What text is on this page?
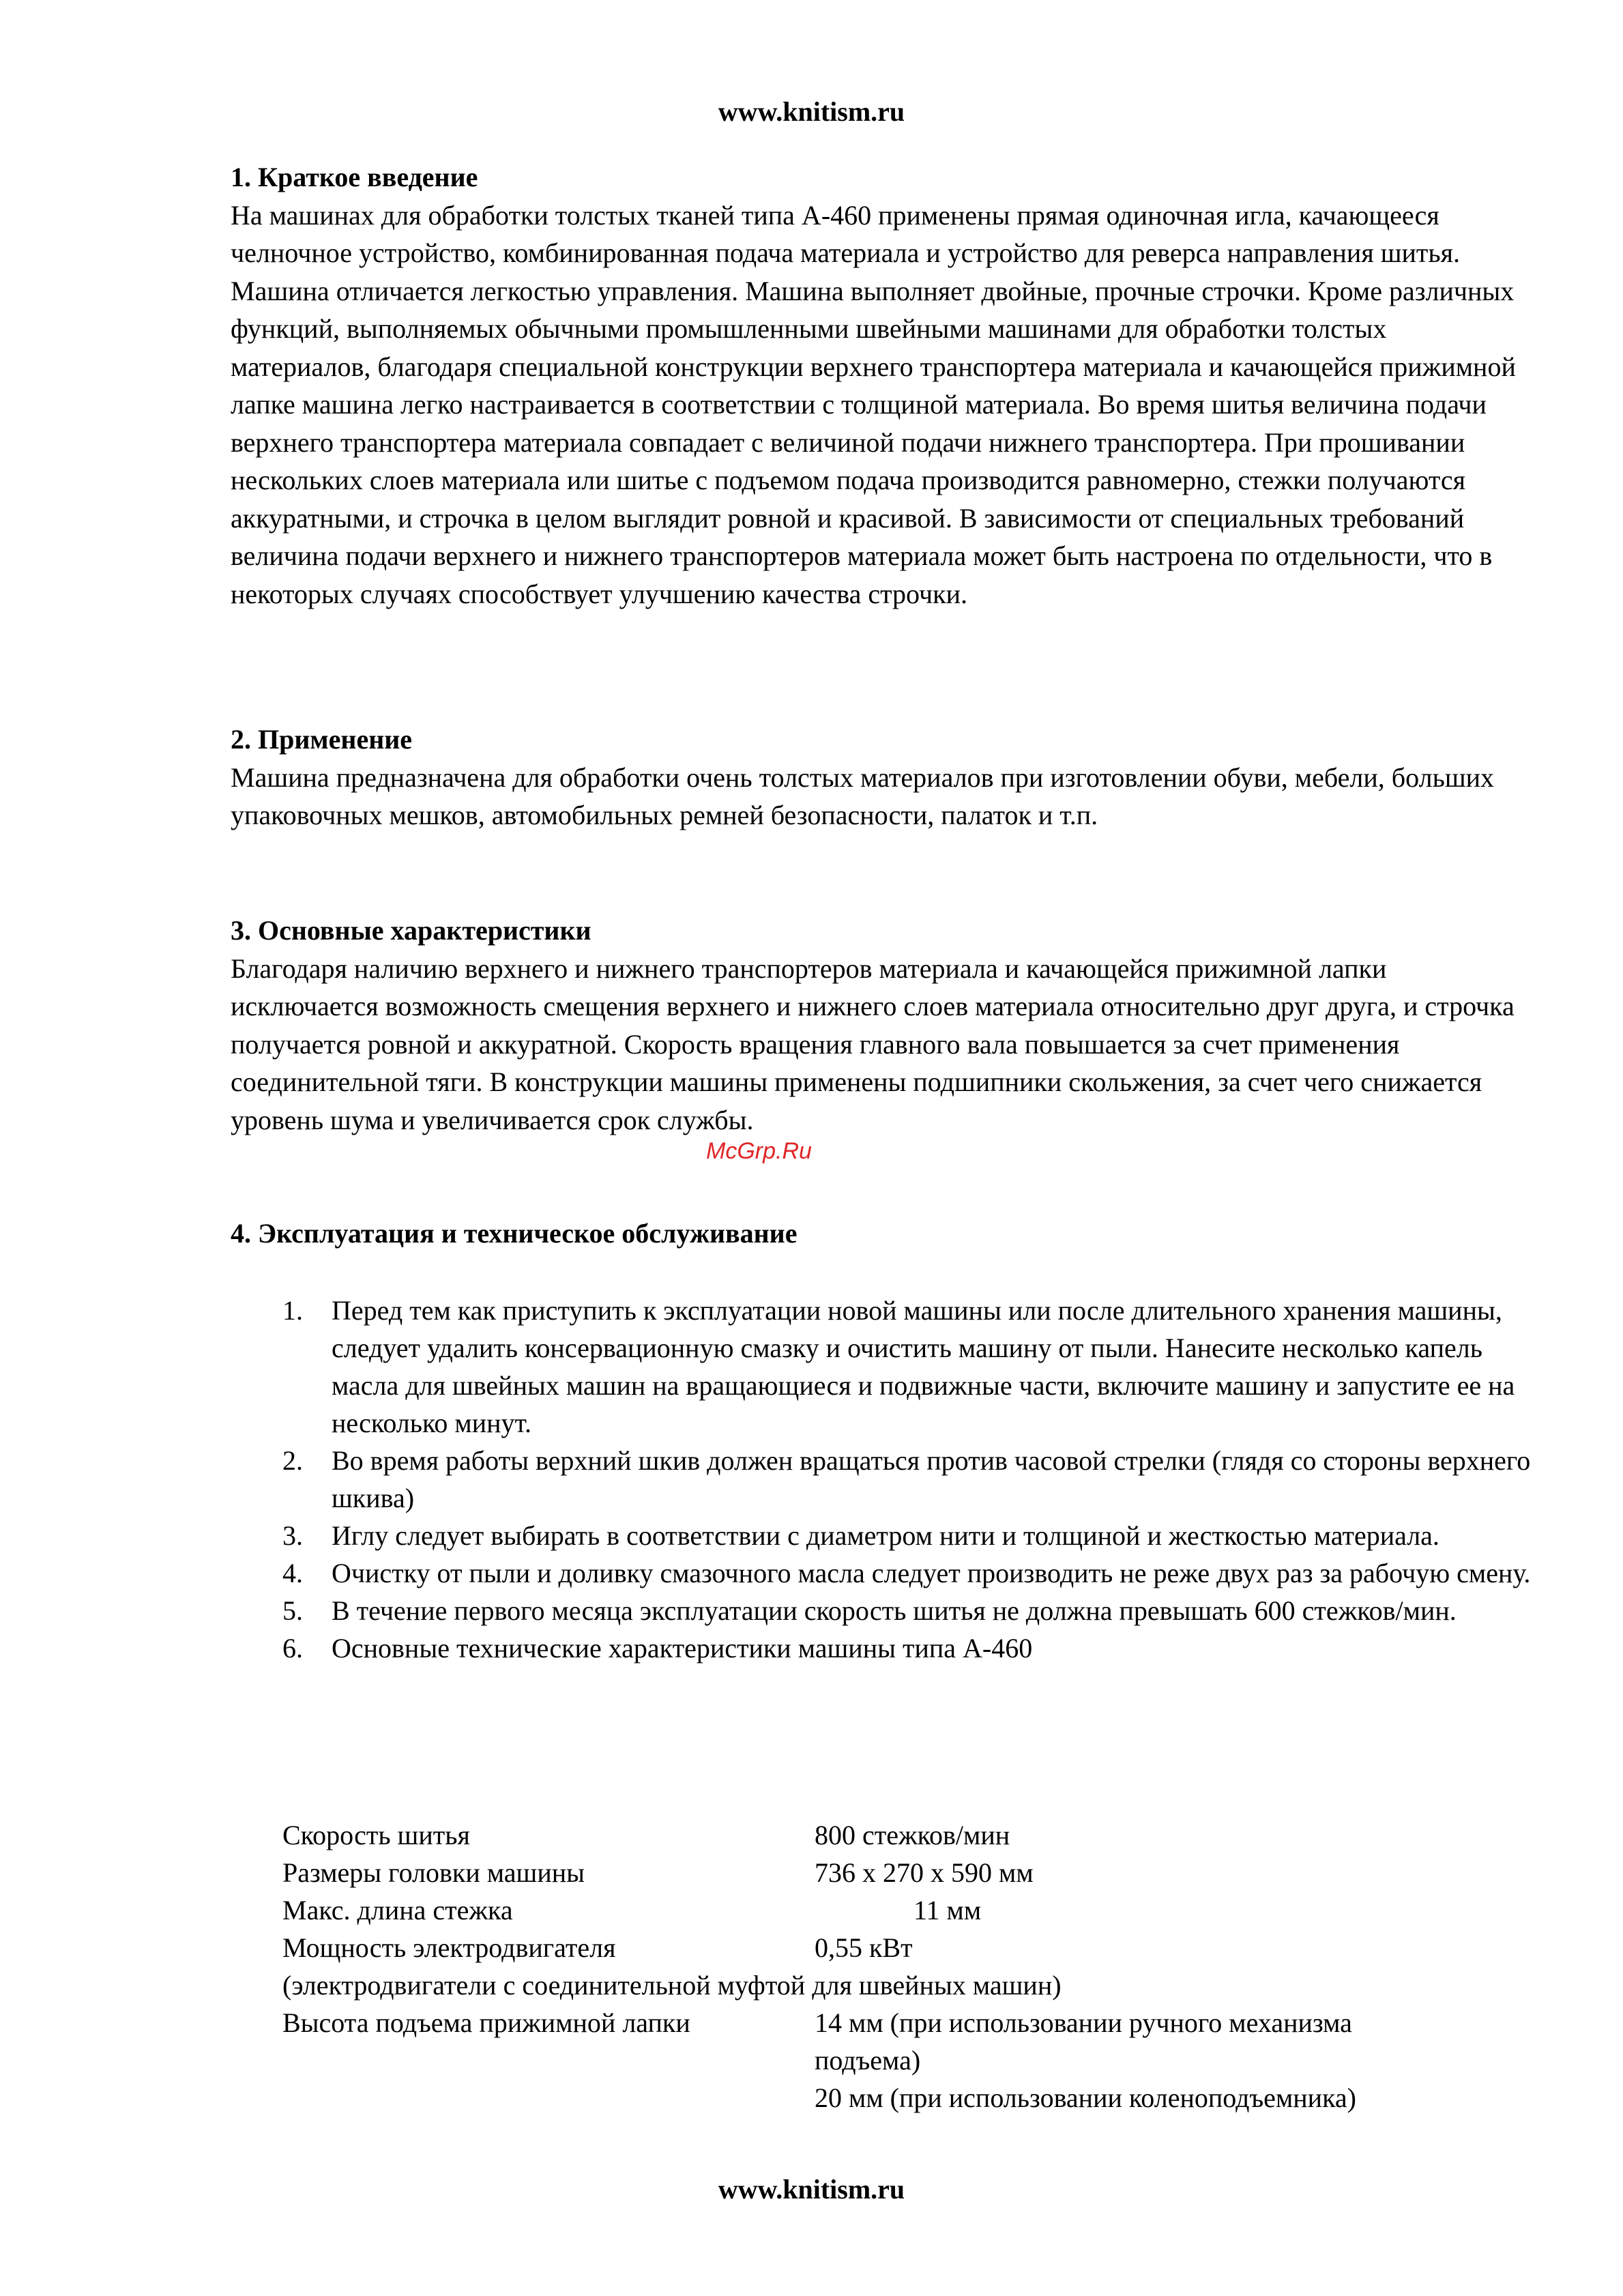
www.knitism.ru
1. Краткое введение

На машинах для обработки толстых тканей типа А-460 применены прямая одиночная игла, качающееся челночное устройство, комбинированная подача материала и устройство для реверса направления шитья. Машина отличается легкостью управления. Машина выполняет двойные, прочные строчки. Кроме различных функций, выполняемых обычными промышленными швейными машинами для обработки толстых материалов, благодаря специальной конструкции верхнего транспортера материала и качающейся прижимной лапке машина легко настраивается в соответствии с толщиной материала. Во время шитья величина подачи верхнего транспортера материала совпадает с величиной подачи нижнего транспортера. При прошивании нескольких слоев материала или шитье с подъемом подача производится равномерно, стежки получаются аккуратными, и строчка в целом выглядит ровной и красивой. В зависимости от специальных требований величина подачи верхнего и нижнего транспортеров материала может быть настроена по отдельности, что в некоторых случаях способствует улучшению качества строчки.

2. Применение

Машина предназначена для обработки очень толстых материалов при изготовлении обуви, мебели, больших упаковочных мешков, автомобильных ремней безопасности, палаток и т.п.

3. Основные характеристики

Благодаря наличию верхнего и нижнего транспортеров материала и качающейся прижимной лапки исключается возможность смещения верхнего и нижнего слоев материала относительно друг друга, и строчка получается ровной и аккуратной. Скорость вращения главного вала повышается за счет применения соединительной тяги. В конструкции машины применены подшипники скольжения, за счет чего снижается уровень шума и увеличивается срок службы.

McGrp.Ru
4. Эксплуатация и техническое обслуживание
1. Перед тем как приступить к эксплуатации новой машины или после длительного хранения машины, следует удалить консервационную смазку и очистить машину от пыли. Нанесите несколько капель масла для швейных машин на вращающиеся и подвижные части, включите машину и запустите ее на несколько минут.
2. Во время работы верхний шкив должен вращаться против часовой стрелки (глядя со стороны верхнего шкива)
3. Иглу следует выбирать в соответствии с диаметром нити и толщиной и жесткостью материала.
4. Очистку от пыли и доливку смазочного масла следует производить не реже двух раз за рабочую смену.
5. В течение первого месяца эксплуатации скорость шитья не должна превышать 600 стежков/мин.
6. Основные технические характеристики машины типа А-460
Скорость шитья	800 стежков/мин
Размеры головки машины	736 х 270 х 590 мм
Макс. длина стежка	11 мм
Мощность электродвигателя	0,55 кВт
(электродвигатели с соединительной муфтой для швейных машин)
Высота подъема прижимной лапки	14 мм (при использовании ручного механизма
подъема)
20 мм (при использовании коленоподъемника)
www.knitism.ru
